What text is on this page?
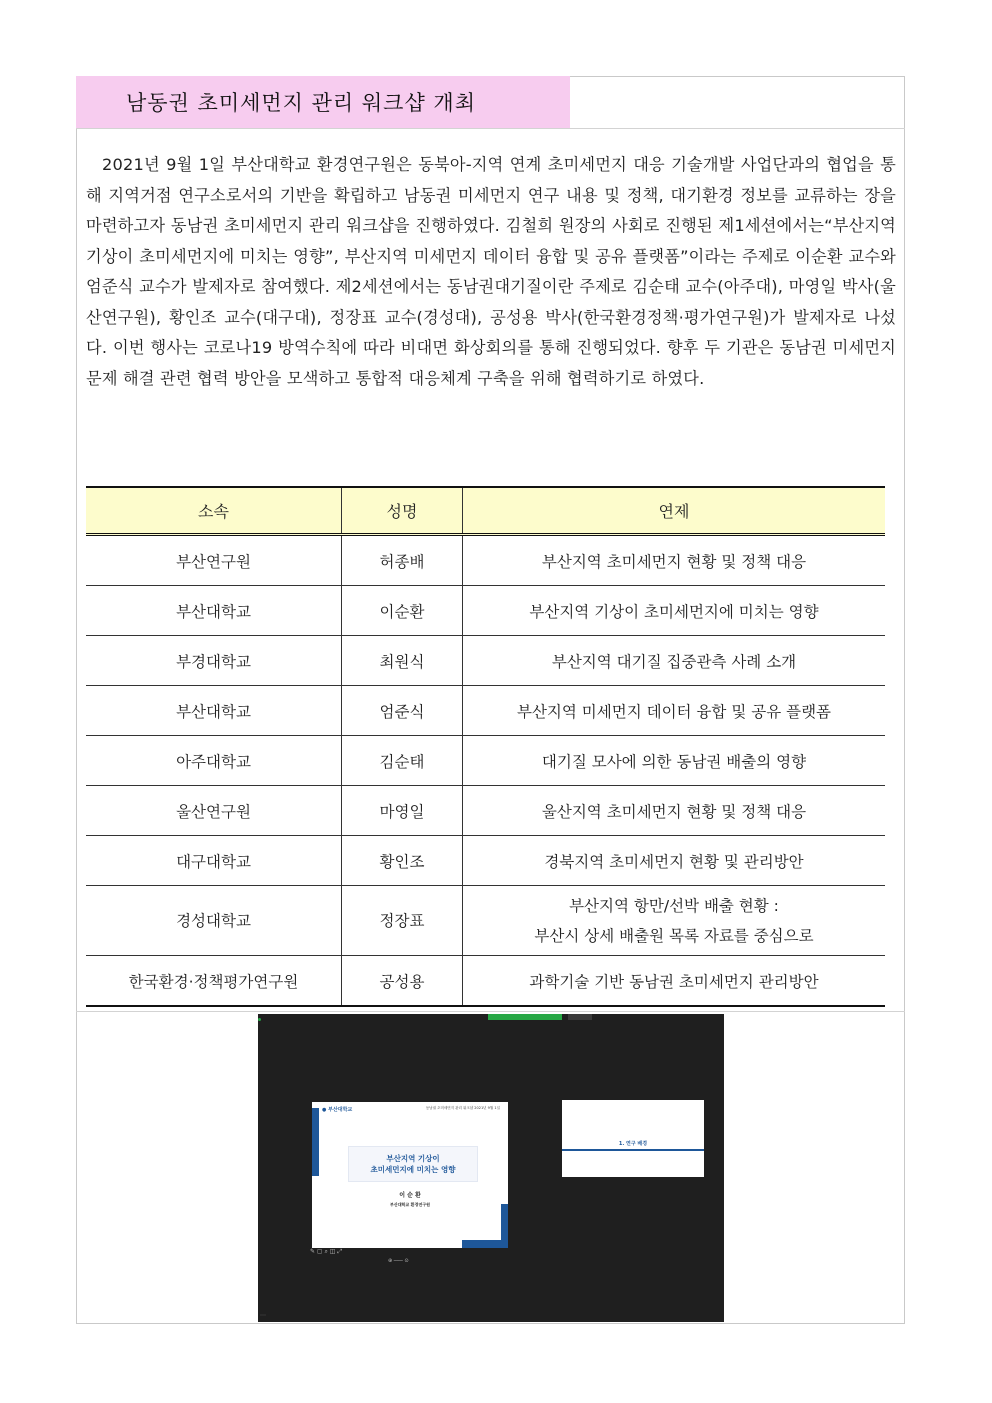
남동권 초미세먼지 관리 워크샵 개최

2021년 9월 1일 부산대학교 환경연구원은 동북아-지역 연계 초미세먼지 대응 기술개발 사업단과의 협업을 통해 지역거점 연구소로서의 기반을 확립하고 남동권 미세먼지 연구 내용 및 정책, 대기환경 정보를 교류하는 장을 마련하고자 동남권 초미세먼지 관리 워크샵을 진행하였다. 김철희 원장의 사회로 진행된 제1세션에서는“부산지역 기상이 초미세먼지에 미치는 영향”, 부산지역 미세먼지 데이터 융합 및 공유 플랫폼”이라는 주제로 이순환 교수와 엄준식 교수가 발제자로 참여했다. 제2세션에서는 동남권대기질이란 주제로 김순태 교수(아주대), 마영일 박사(울산연구원), 황인조 교수(대구대), 정장표 교수(경성대), 공성용 박사(한국환경정책·평가연구원)가 발제자로 나섰다. 이번 행사는 코로나19 방역수칙에 따라 비대면 화상회의를 통해 진행되었다. 향후 두 기관은 동남권 미세먼지 문제 해결 관련 협력 방안을 모색하고 통합적 대응체계 구축을 위해 협력하기로 하였다.

소속	성명	연제
부산연구원	허종배	부산지역 초미세먼지 현황 및 정책 대응
부산대학교	이순환	부산지역 기상이 초미세먼지에 미치는 영향
부경대학교	최원식	부산지역 대기질 집중관측 사례 소개
부산대학교	엄준식	부산지역 미세먼지 데이터 융합 및 공유 플랫폼
아주대학교	김순태	대기질 모사에 의한 동남권 배출의 영향
울산연구원	마영일	울산지역 초미세먼지 현황 및 정책 대응
대구대학교	황인조	경북지역 초미세먼지 현황 및 관리방안
경성대학교	정장표	부산지역 항만/선박 배출 현황 :
부산시 상세 배출원 목록 자료를 중심으로

한국환경·정책평가연구원	공성용	과학기술 기반 동남권 초미세먼지 관리방안
● 부산대학교	동남권 초미세먼지 관리 워크샵 2021년 9월 1일
부산지역 기상이
초미세먼지에 미치는 영향
이 순 환
부산대학교 환경연구원
✎ ▢ ⌕ ◫ ⤢
⊕ ─── ⊙
1. 연구 배경
